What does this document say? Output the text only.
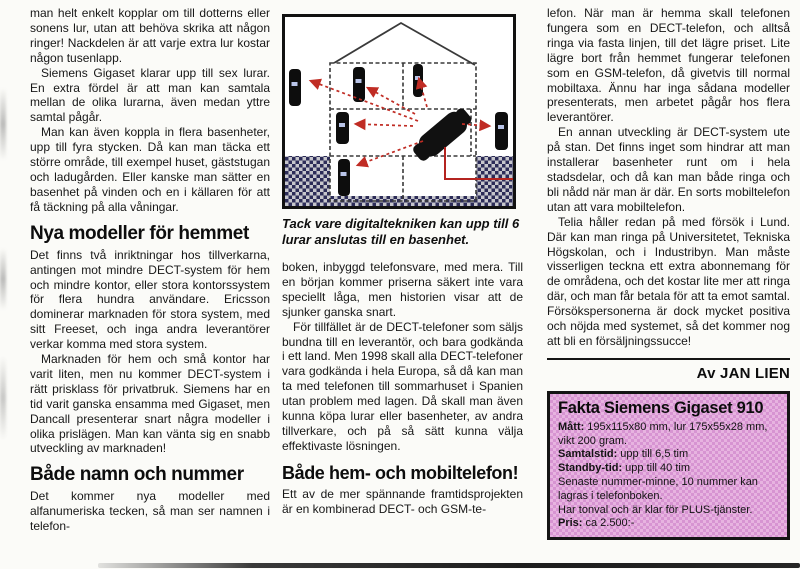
man helt enkelt kopplar om till dotterns eller sonens lur, utan att behöva skrika att någon ringer! Nackdelen är att varje extra lur kostar någon tusenlapp.

Siemens Gigaset klarar upp till sex lurar. En extra fördel är att man kan samtala mellan de olika lurarna, även medan yttre samtal pågår.

Man kan även koppla in flera basenheter, upp till fyra stycken. Då kan man täcka ett större område, till exempel huset, gäststugan och ladugården. Eller kanske man sätter en basenhet på vinden och en i källaren för att få täckning på alla våningar.

Nya modeller för hemmet

Det finns två inriktningar hos tillverkarna, antingen mot mindre DECT-system för hem och mindre kontor, eller stora kontorssystem för flera hundra användare. Ericsson dominerar marknaden för stora system, med sitt Freeset, och inga andra leverantörer verkar komma med stora system.

Marknaden för hem och små kontor har varit liten, men nu kommer DECT-system i rätt prisklass för privatbruk. Siemens har en tid varit ganska ensamma med Gigaset, men Dancall presenterar snart några modeller i olika prislägen. Man kan vänta sig en snabb utveckling av marknaden!

Både namn och nummer

Det kommer nya modeller med alfanumeriska tecken, så man ser namnen i telefon-

Tack vare digitaltekniken kan upp till 6 lurar anslutas till en basenhet.

boken, inbyggd telefonsvare, med mera. Till en början kommer priserna säkert inte vara speciellt låga, men historien visar att de sjunker ganska snart.

För tillfället är de DECT-telefoner som säljs bundna till en leverantör, och bara godkända i ett land. Men 1998 skall alla DECT-telefoner vara godkända i hela Europa, så då kan man ta med telefonen till sommarhuset i Spanien utan problem med lagen. Då skall man även kunna köpa lurar eller basenheter, av andra tillverkare, och på så sätt kunna välja effektivaste lösningen.

Både hem- och mobiltelefon!

Ett av de mer spännande framtidsprojekten är en kombinerad DECT- och GSM-te-

lefon. När man är hemma skall telefonen fungera som en DECT-telefon, och alltså ringa via fasta linjen, till det lägre priset. Lite lägre bort från hemmet fungerar telefonen som en GSM-telefon, då givetvis till normal mobiltaxa. Ännu har inga sådana modeller presenterats, men arbetet pågår hos flera leverantörer.

En annan utveckling är DECT-system ute på stan. Det finns inget som hindrar att man installerar basenheter runt om i hela stadsdelar, och då kan man både ringa och bli nådd när man är där. En sorts mobiltelefon utan att vara mobiltelefon.

Telia håller redan på med försök i Lund. Där kan man ringa på Universitetet, Tekniska Högskolan, och i Industribyn. Man måste visserligen teckna ett extra abonnemang för de områdena, och det kostar lite mer att ringa där, och man får betala för att ta emot samtal. Försökspersonerna är dock mycket positiva och nöjda med systemet, så det kommer nog att bli en försäljningssucce!

Av JAN LIEN

Fakta Siemens Gigaset 910

Mått: 195x115x80 mm, lur 175x55x28 mm, vikt 200 gram.
Samtalstid: upp till 6,5 tim
Standby-tid: upp till 40 tim
Senaste nummer-minne, 10 nummer kan lagras i telefonboken.
Har tonval och är klar för PLUS-tjänster.
Pris: ca 2.500:-
